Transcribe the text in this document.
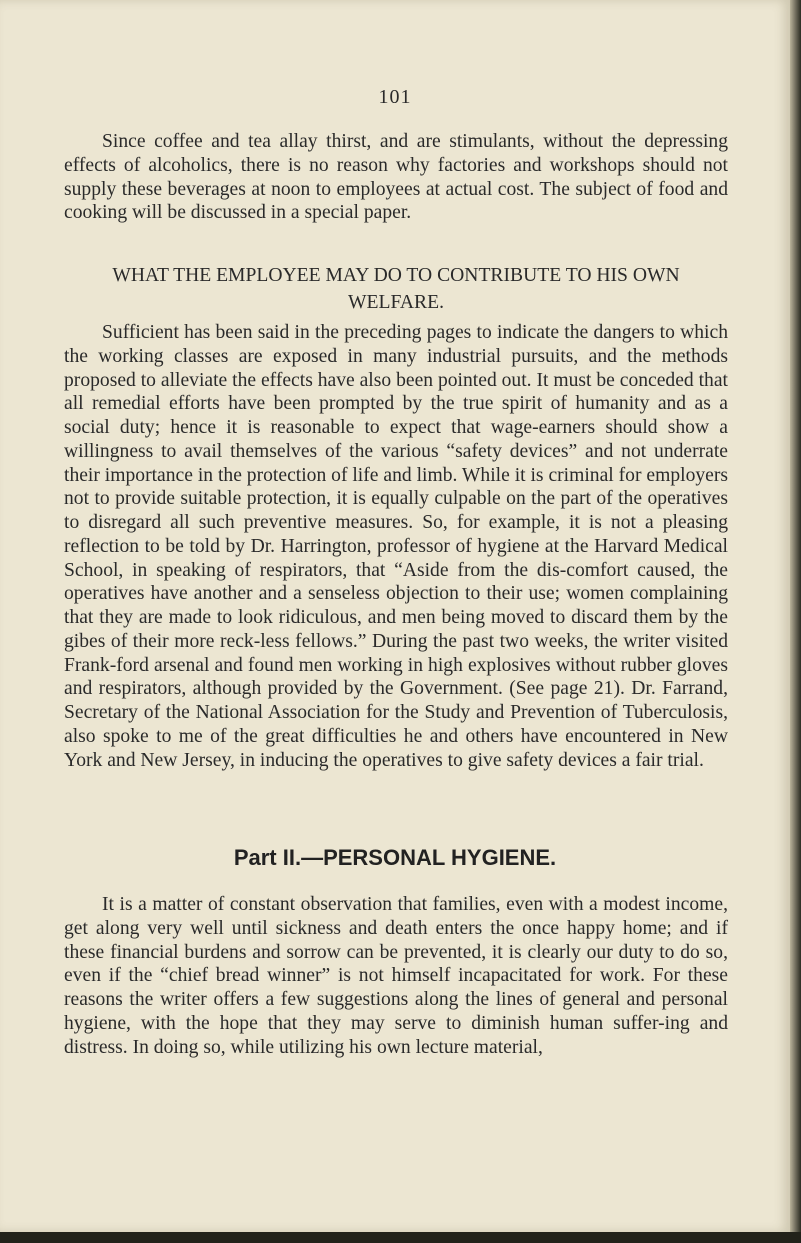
101

Since coffee and tea allay thirst, and are stimulants, without the depressing effects of alcoholics, there is no reason why factories and workshops should not supply these beverages at noon to employees at actual cost. The subject of food and cooking will be discussed in a special paper.

WHAT THE EMPLOYEE MAY DO TO CONTRIBUTE TO HIS OWN WELFARE.

Sufficient has been said in the preceding pages to indicate the dangers to which the working classes are exposed in many industrial pursuits, and the methods proposed to alleviate the effects have also been pointed out. It must be conceded that all remedial efforts have been prompted by the true spirit of humanity and as a social duty; hence it is reasonable to expect that wage-earners should show a willingness to avail themselves of the various “safety devices” and not underrate their importance in the protection of life and limb. While it is criminal for employers not to provide suitable protection, it is equally culpable on the part of the operatives to disregard all such preventive measures. So, for example, it is not a pleasing reflection to be told by Dr. Harrington, professor of hygiene at the Harvard Medical School, in speaking of respirators, that “Aside from the dis-comfort caused, the operatives have another and a senseless objection to their use; women complaining that they are made to look ridiculous, and men being moved to discard them by the gibes of their more reck-less fellows.” During the past two weeks, the writer visited Frank-ford arsenal and found men working in high explosives without rubber gloves and respirators, although provided by the Government. (See page 21). Dr. Farrand, Secretary of the National Association for the Study and Prevention of Tuberculosis, also spoke to me of the great difficulties he and others have encountered in New York and New Jersey, in inducing the operatives to give safety devices a fair trial.

Part II.—PERSONAL HYGIENE.

It is a matter of constant observation that families, even with a modest income, get along very well until sickness and death enters the once happy home; and if these financial burdens and sorrow can be prevented, it is clearly our duty to do so, even if the “chief bread winner” is not himself incapacitated for work. For these reasons the writer offers a few suggestions along the lines of general and personal hygiene, with the hope that they may serve to diminish human suffer-ing and distress. In doing so, while utilizing his own lecture material,
